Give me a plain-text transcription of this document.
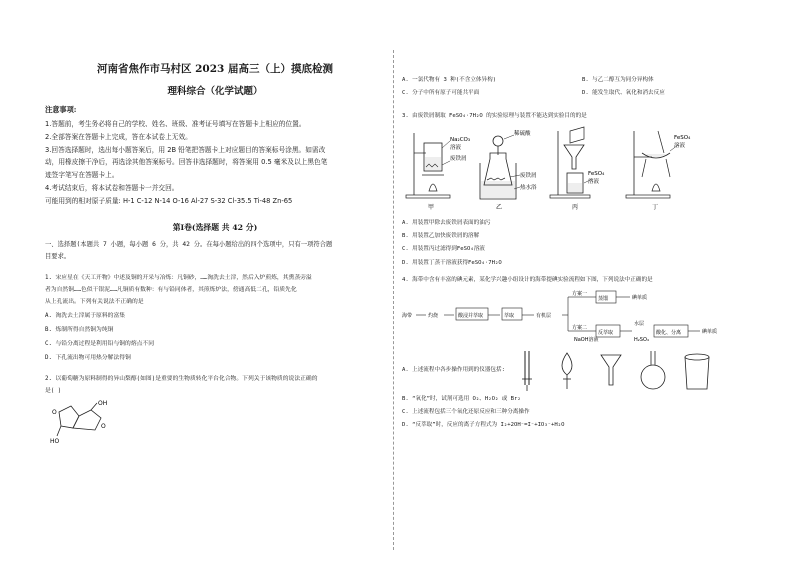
河南省焦作市马村区 2023 届高三（上）摸底检测

理科综合（化学试题）

注意事项:

1.答题前，考生务必将自己的学校、姓名、班级、准考证号填写在答题卡上相应的位置。

2.全部答案在答题卡上完成，答在本试卷上无效。

3.回答选择题时，选出每小题答案后，用 2B 铅笔把答题卡上对应题目的答案标号涂黑。如需改

动，用橡皮擦干净后，再选涂其他答案标号。回答非选择题时，将答案用 0.5 毫米及以上黑色笔

迹签字笔写在答题卡上。

4.考试结束后，将本试卷和答题卡一并交回。

可能用到的相对原子质量: H-1 C-12 N-14 O-16 Al-27 S-32 Cl-35.5 Ti-48 Zn-65

第Ⅰ卷(选择题 共 42 分)

一、选择题(本题共 7 小题，每小题 6 分，共 42 分。在每小题给出的四个选项中，只有一项符合题

目要求。

1. 宋应星在《天工开物》中述及铜的开采与冶炼：凡铜砂，……淘洗去土滓，然后入炉煎炼，其熏蒸旁溢

者为自然铜……色似干银泥……凡铜质有数种：有与铅同体者，其煎炼炉法，傍通高低二孔，铅质先化

从上孔流出。下列有关说法不正确的是

A. 淘洗去土滓属于原料的富集

B. 炼制所得自然铜为纯铜

C. 与铅分离过程是利用铅与铜的熔点不同

D. 下孔流出物可用热分解法得铜

2. 以葡萄糖为原料制得的异山梨醇(如图)是重要的生物质转化平台化合物。下列关于该物质的说法正确的

是( )

OH
HO
O
O
A. 一氯代物有 3 种(不含立体异构)	B. 与乙二醇互为同分异构体
C. 分子中所有原子可能共平面	D. 能发生取代、氧化和消去反应

3. 由废铁屑制取 FeSO₄·7H₂O 的实验原理与装置不能达到实验目的的是

Na₂CO₃
溶液
废铁屑
甲
稀硫酸
废铁屑
热水浴
乙
FeSO₄
溶液
丙
FeSO₄
溶液
丁

A. 用装置甲除去废铁屑表面的油污

B. 用装置乙加快废铁屑的溶解

C. 用装置丙过滤得到FeSO₄溶液

D. 用装置丁蒸干溶液获得FeSO₄·7H₂O

4. 海带中含有丰富的碘元素，某化学兴趣小组设计的海带提碘实验流程如下图，下列说法中正确的是

海带	灼烧	酸浸并萃取	萃取	有机层
方案一
方案二
蒸馏	碘单质
NaOH溶液
反萃取
水层
H₂SO₄
酸化、分离	碘单质

A. 上述流程中各步操作用到的仪器包括:

B. “氧化”时，试剂可选用 O₂、H₂O₂ 或 Br₂

C. 上述流程包括三个氧化还原反应和三种分离操作

D. “反萃取”时，反应的离子方程式为 I₂+2OH⁻=I⁻+IO₃⁻+H₂O
